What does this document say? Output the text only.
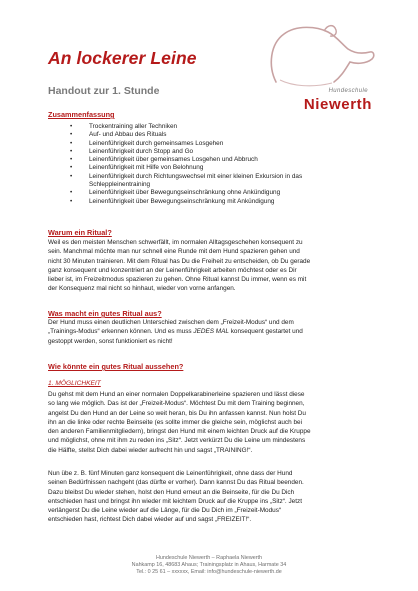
An lockerer Leine
Handout zur 1. Stunde	Hundeschule
Niewerth
Zusammenfassung
• Trockentraining aller Techniken
• Auf- und Abbau des Rituals
• Leinenführigkeit durch gemeinsames Losgehen
• Leinenführigkeit durch Stopp and Go
• Leinenführigkeit über gemeinsames Losgehen und Abbruch
• Leinenführigkeit mit Hilfe von Belohnung
• Leinenführigkeit durch Richtungswechsel mit einer kleinen Exkursion in das
Schleppleinentraining
• Leinenführigkeit über Bewegungseinschränkung ohne Ankündigung
• Leinenführigkeit über Bewegungseinschränkung mit Ankündigung
Warum ein Ritual?
Weil es den meisten Menschen schwerfällt, im normalen Alltagsgeschehen konsequent zu
sein. Manchmal möchte man nur schnell eine Runde mit dem Hund spazieren gehen und
nicht 30 Minuten trainieren. Mit dem Ritual has Du die Freiheit zu entscheiden, ob Du gerade
ganz konsequent und konzentriert an der Leinenführigkeit arbeiten möchtest oder es Dir
lieber ist, im Freizeitmodus spazieren zu gehen. Ohne Ritual kannst Du immer, wenn es mit
der Konsequenz mal nicht so hinhaut, wieder von vorne anfangen.
Was macht ein gutes Ritual aus?
Der Hund muss einen deutlichen Unterschied zwischen dem „Freizeit-Modus“ und dem
„Trainings-Modus“ erkennen können. Und es muss JEDES MAL konsequent gestartet und
gestoppt werden, sonst funktioniert es nicht!
Wie könnte ein gutes Ritual aussehen?
1. MÖGLICHKEIT
Du gehst mit dem Hund an einer normalen Doppelkarabinerleine spazieren und lässt diese
so lang wie möglich. Das ist der „Freizeit-Modus“. Möchtest Du mit dem Training beginnen,
angelst Du den Hund an der Leine so weit heran, bis Du ihn anfassen kannst. Nun holst Du
ihn an die linke oder rechte Beinseite (es sollte immer die gleiche sein, möglichst auch bei
den anderen Familienmitgliedern), bringst den Hund mit einem leichten Druck auf die Kruppe
und möglichst, ohne mit ihm zu reden ins „Sitz“. Jetzt verkürzt Du die Leine um mindestens
die Hälfte, stellst Dich dabei wieder aufrecht hin und sagst „TRAINING!“.
Nun übe z. B. fünf Minuten ganz konsequent die Leinenführigkeit, ohne dass der Hund
seinen Bedürfnissen nachgeht (das dürfte er vorher). Dann kannst Du das Ritual beenden.
Dazu bleibst Du wieder stehen, holst den Hund erneut an die Beinseite, für die Du Dich
entschieden hast und bringst ihn wieder mit leichtem Druck auf die Kruppe ins „Sitz“. Jetzt
verlängerst Du die Leine wieder auf die Länge, für die Du Dich im „Freizeit-Modus“
entschieden hast, richtest Dich dabei wieder auf und sagst „FREIZEIT!“.
Hundeschule Niewerth – Raphaela Niewerth
Nahkamp 16, 48683 Ahaus; Trainingsplatz in Ahaus, Harmate 34
Tel.: 0 25 61 – xxxxxx, Email: info@hundeschule-niewerth.de
